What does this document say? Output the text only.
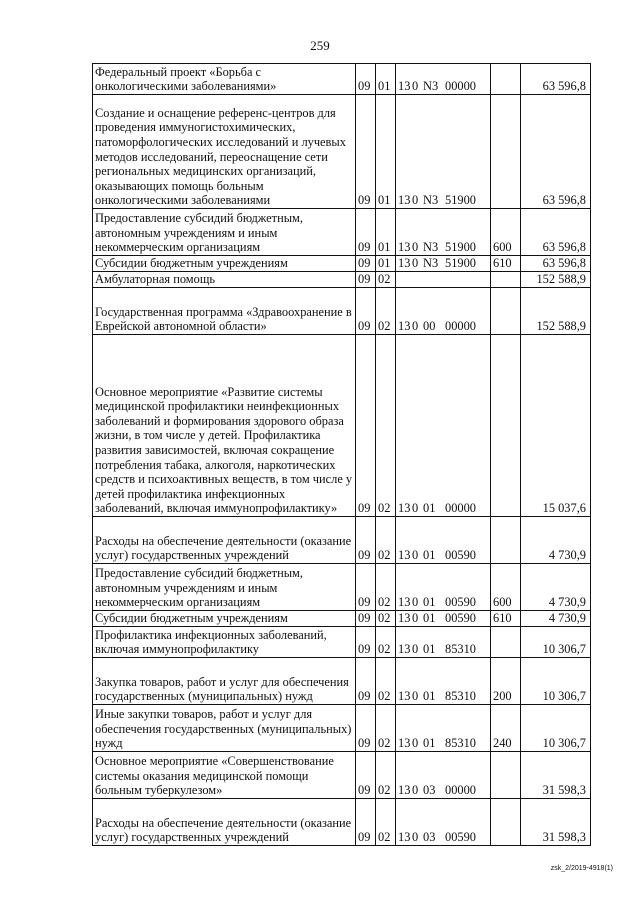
259
Федеральный проект «Борьба с онкологическими заболеваниями»	09	01	13 0 N3 00000		63 596,8
Создание и оснащение референс-центров для проведения иммуногистохимических, патоморфологических исследований и лучевых методов исследований, переоснащение сети региональных медицинских организаций, оказывающих помощь больным онкологическими заболеваниями	09	01	13 0 N3 51900		63 596,8
Предоставление субсидий бюджетным, автономным учреждениям и иным некоммерческим организациям	09	01	13 0 N3 51900	600	63 596,8
Субсидии бюджетным учреждениям	09	01	13 0 N3 51900	610	63 596,8
Амбулаторная помощь	09	02			152 588,9
Государственная программа «Здравоохранение в Еврейской автономной области»	09	02	13 0 00 00000		152 588,9
Основное мероприятие «Развитие системы медицинской профилактики неинфекционных заболеваний и формирования здорового образа жизни, в том числе у детей. Профилактика развития зависимостей, включая сокращение потребления табака, алкоголя, наркотических средств и психоактивных веществ, в том числе у детей профилактика инфекционных заболеваний, включая иммунопрофилактику»	09	02	13 0 01 00000		15 037,6
Расходы на обеспечение деятельности (оказание услуг) государственных учреждений	09	02	13 0 01 00590		4 730,9
Предоставление субсидий бюджетным, автономным учреждениям и иным некоммерческим организациям	09	02	13 0 01 00590	600	4 730,9
Субсидии бюджетным учреждениям	09	02	13 0 01 00590	610	4 730,9
Профилактика инфекционных заболеваний, включая иммунопрофилактику	09	02	13 0 01 85310		10 306,7
Закупка товаров, работ и услуг для обеспечения государственных (муниципальных) нужд	09	02	13 0 01 85310	200	10 306,7
Иные закупки товаров, работ и услуг для обеспечения государственных (муниципальных) нужд	09	02	13 0 01 85310	240	10 306,7
Основное мероприятие «Совершенствование системы оказания медицинской помощи больным туберкулезом»	09	02	13 0 03 00000		31 598,3
Расходы на обеспечение деятельности (оказание услуг) государственных учреждений	09	02	13 0 03 00590		31 598,3
zsk_2/2019-4918(1)
